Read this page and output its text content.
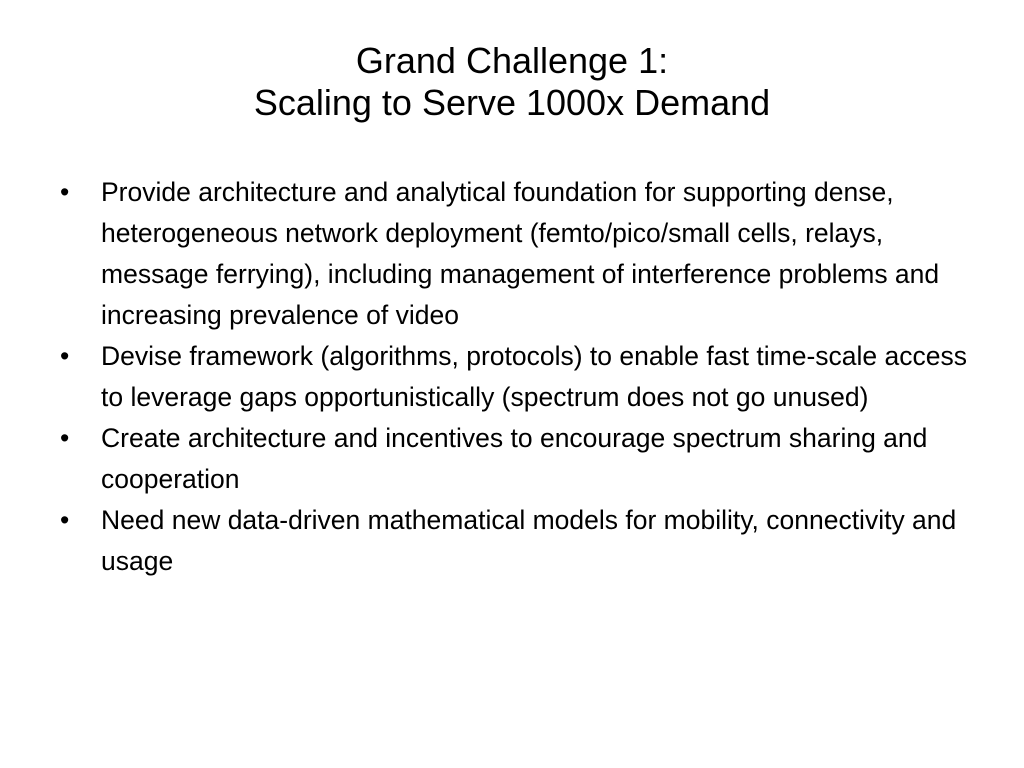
Grand Challenge 1:
Scaling to Serve 1000x Demand
•	Provide architecture and analytical foundation for supporting dense, heterogeneous network deployment (femto/pico/small cells, relays, message ferrying), including management of interference problems and increasing prevalence of video
•	Devise framework (algorithms, protocols) to enable fast time-scale access to leverage gaps opportunistically (spectrum does not go unused)
•	Create architecture and incentives to encourage spectrum sharing and cooperation
•	Need new data-driven mathematical models for mobility, connectivity and usage
